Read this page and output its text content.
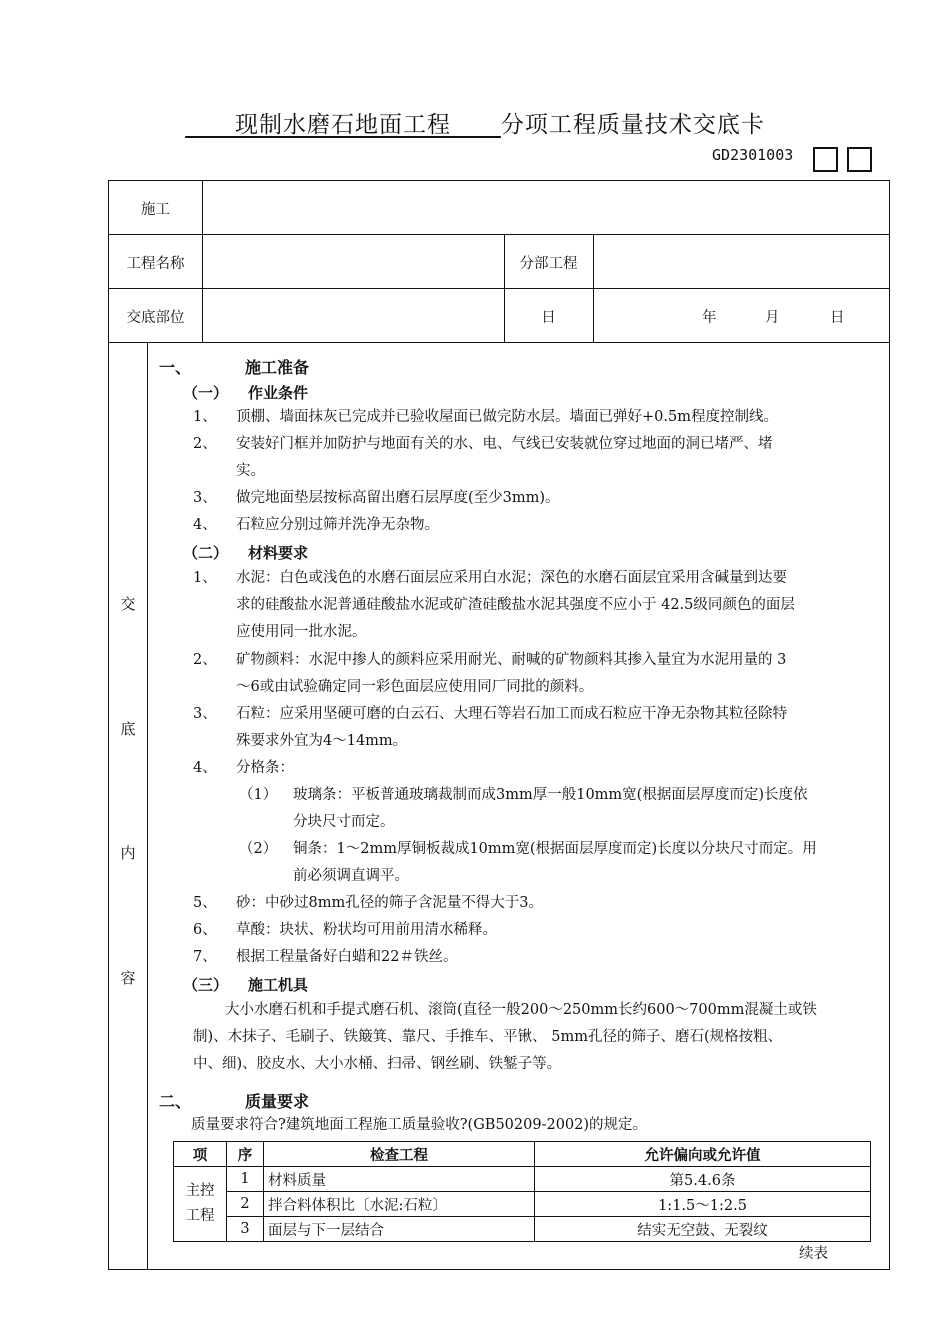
现制水磨石地面工程 分项工程质量技术交底卡
GD2301003
施工
工程名称	分部工程
交底部位	日	年	月	日
交
底
内
容
一、	施工准备
（一） 作业条件
1、 顶棚、墙面抹灰已完成并已验收屋面已做完防水层。墙面已弹好+0.5m程度控制线。
2、 安装好门框并加防护与地面有关的水、电、气线已安装就位穿过地面的洞已堵严、堵
实。
3、 做完地面垫层按标高留出磨石层厚度(至少3mm)。
4、 石粒应分别过筛并洗净无杂物。
（二） 材料要求
1、 水泥：白色或浅色的水磨石面层应采用白水泥；深色的水磨石面层宜采用含碱量到达要
求的硅酸盐水泥普通硅酸盐水泥或矿渣硅酸盐水泥其强度不应小于 42.5级同颜色的面层
应使用同一批水泥。
2、 矿物颜料：水泥中掺人的颜料应采用耐光、耐喊的矿物颜料其掺入量宜为水泥用量的 3
～6或由试验确定同一彩色面层应使用同厂同批的颜料。
3、 石粒：应采用坚硬可磨的白云石、大理石等岩石加工而成石粒应干净无杂物其粒径除特
殊要求外宜为4～14mm。
4、 分格条：
（1） 玻璃条：平板普通玻璃裁制而成3mm厚一般10mm宽(根据面层厚度而定)长度依
分块尺寸而定。
（2） 铜条：1～2mm厚铜板裁成10mm宽(根据面层厚度而定)长度以分块尺寸而定。用
前必须调直调平。
5、 砂：中砂过8mm孔径的筛子含泥量不得大于3。
6、 草酸：块状、粉状均可用前用清水稀释。
7、 根据工程量备好白蜡和22＃铁丝。
（三） 施工机具
大小水磨石机和手提式磨石机、滚筒(直径一般200～250mm长约600～700mm混凝土或铁
制)、木抹子、毛刷子、铁簸箕、靠尺、手推车、平锹、 5mm孔径的筛子、磨石(规格按粗、
中、细)、胶皮水、大小水桶、扫帚、钢丝刷、铁錾子等。
二、	质量要求
质量要求符合?建筑地面工程施工质量验收?(GB50209-2002)的规定。
项	序	检查工程	允许偏向或允许值
主控工程	1	材料质量	第5.4.6条
	2	拌合料体积比〔水泥:石粒〕	1:1.5～1:2.5
	3	面层与下一层结合	结实无空鼓、无裂纹
续表
